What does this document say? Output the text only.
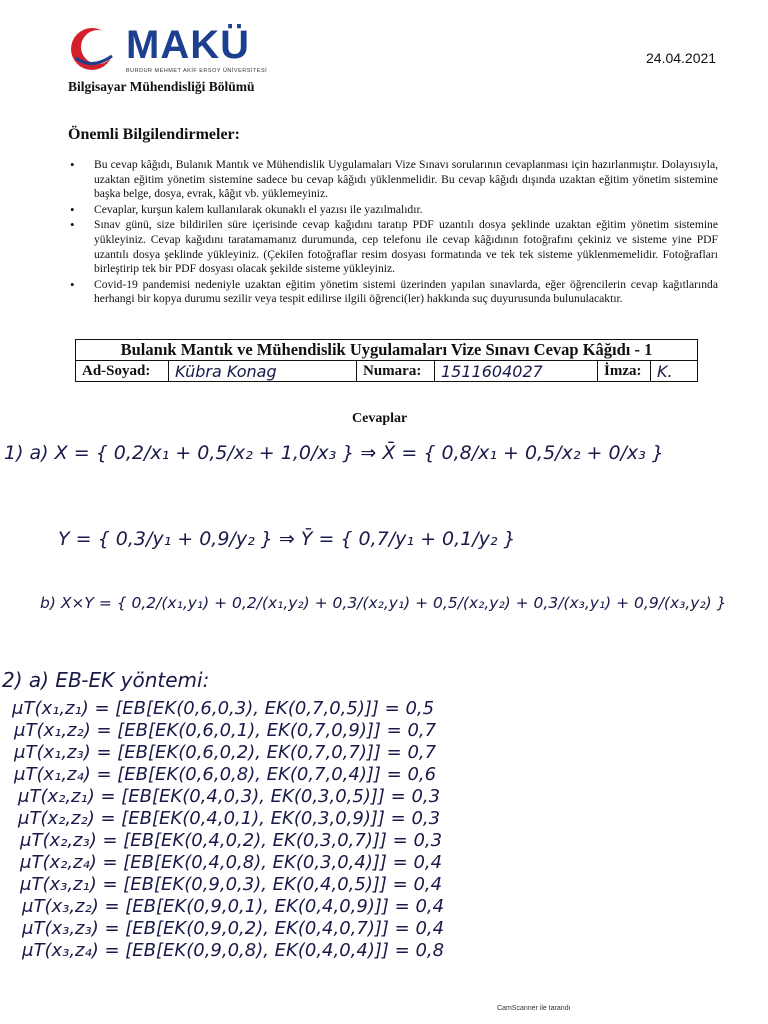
MAKÜ
BURDUR MEHMET AKİF ERSOY ÜNİVERSİTESİ
24.04.2021
Bilgisayar Mühendisliği Bölümü
Önemli Bilgilendirmeler:
• Bu cevap kâğıdı, Bulanık Mantık ve Mühendislik Uygulamaları Vize Sınavı sorularının cevaplanması için hazırlanmıştır. Dolayısıyla, uzaktan eğitim yönetim sistemine sadece bu cevap kâğıdı yüklenmelidir. Bu cevap kâğıdı dışında uzaktan eğitim yönetim sistemine başka belge, dosya, evrak, kâğıt vb. yüklemeyiniz.
• Cevaplar, kurşun kalem kullanılarak okunaklı el yazısı ile yazılmalıdır.
• Sınav günü, size bildirilen süre içerisinde cevap kağıdını taratıp PDF uzantılı dosya şeklinde uzaktan eğitim yönetim sistemine yükleyiniz. Cevap kağıdını taratamamanız durumunda, cep telefonu ile cevap kâğıdının fotoğrafını çekiniz ve sisteme yine PDF uzantılı dosya şeklinde yükleyiniz. (Çekilen fotoğraflar resim dosyası formatında ve tek tek sisteme yüklenmemelidir. Fotoğrafları birleştirip tek bir PDF dosyası olacak şekilde sisteme yükleyiniz.
• Covid-19 pandemisi nedeniyle uzaktan eğitim yönetim sistemi üzerinden yapılan sınavlarda, eğer öğrencilerin cevap kağıtlarında herhangi bir kopya durumu sezilir veya tespit edilirse ilgili öğrenci(ler) hakkında suç duyurusunda bulunulacaktır.
Bulanık Mantık ve Mühendislik Uygulamaları Vize Sınavı Cevap Kâğıdı - 1
Ad-Soyad:	Kübra Konag	Numara:	1511604027	İmza:	K.
Cevaplar
1) a) X = { 0,2/x₁ + 0,5/x₂ + 1,0/x₃ } ⇒ X̄ = { 0,8/x₁ + 0,5/x₂ + 0/x₃ }
Y = { 0,3/y₁ + 0,9/y₂ } ⇒ Ȳ = { 0,7/y₁ + 0,1/y₂ }
b) X×Y = { 0,2/(x₁,y₁) + 0,2/(x₁,y₂) + 0,3/(x₂,y₁) + 0,5/(x₂,y₂) + 0,3/(x₃,y₁) + 0,9/(x₃,y₂) }
2) a) EB-EK yöntemi:
μT(x₁,z₁) = [EB[EK(0,6,0,3), EK(0,7,0,5)]] = 0,5
μT(x₁,z₂) = [EB[EK(0,6,0,1), EK(0,7,0,9)]] = 0,7
μT(x₁,z₃) = [EB[EK(0,6,0,2), EK(0,7,0,7)]] = 0,7
μT(x₁,z₄) = [EB[EK(0,6,0,8), EK(0,7,0,4)]] = 0,6
μT(x₂,z₁) = [EB[EK(0,4,0,3), EK(0,3,0,5)]] = 0,3
μT(x₂,z₂) = [EB[EK(0,4,0,1), EK(0,3,0,9)]] = 0,3
μT(x₂,z₃) = [EB[EK(0,4,0,2), EK(0,3,0,7)]] = 0,3
μT(x₂,z₄) = [EB[EK(0,4,0,8), EK(0,3,0,4)]] = 0,4
μT(x₃,z₁) = [EB[EK(0,9,0,3), EK(0,4,0,5)]] = 0,4
μT(x₃,z₂) = [EB[EK(0,9,0,1), EK(0,4,0,9)]] = 0,4
μT(x₃,z₃) = [EB[EK(0,9,0,2), EK(0,4,0,7)]] = 0,4
μT(x₃,z₄) = [EB[EK(0,9,0,8), EK(0,4,0,4)]] = 0,8
CamScanner ile tarandı
